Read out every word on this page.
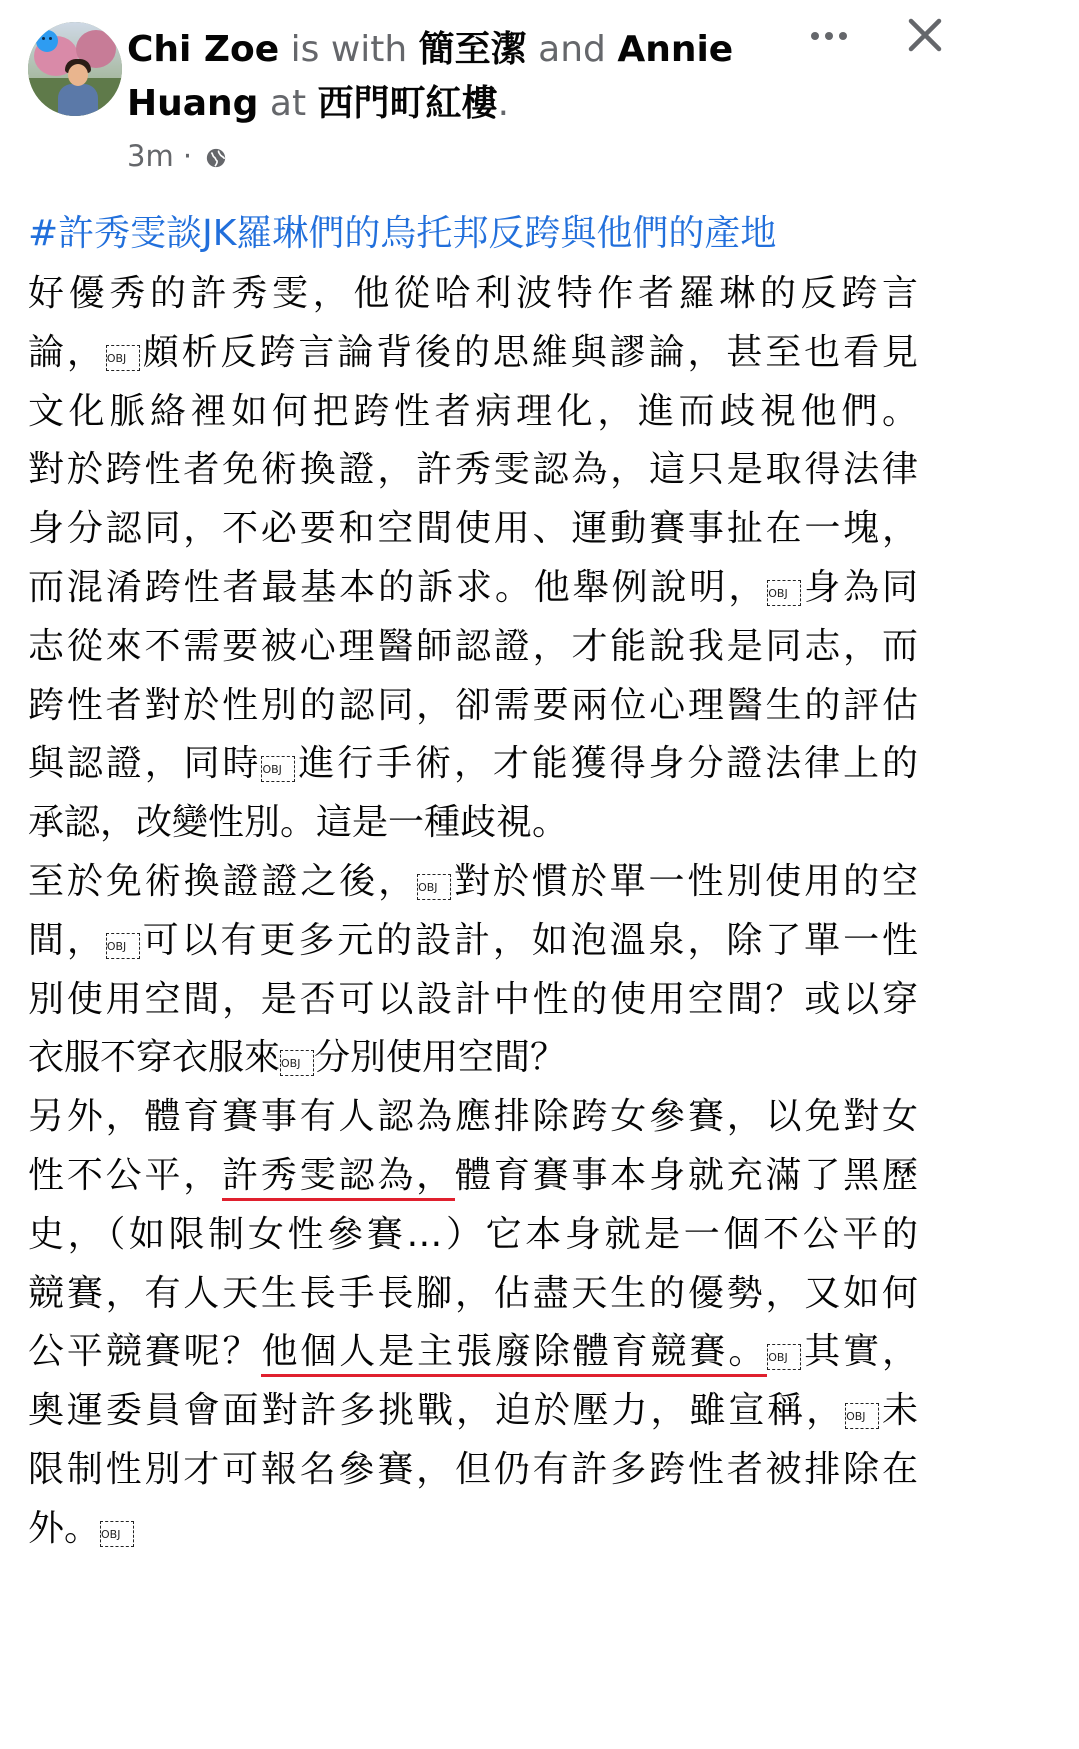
Chi Zoe is with 簡至潔 and Annie
Huang at 西門町紅樓.
3m ·
#許秀雯談JK羅琳們的烏托邦反跨與他們的產地
好優秀的許秀雯，他從哈利波特作者羅琳的反跨言
論，OBJ 頗析反跨言論背後的思維與謬論，甚至也看見
文化脈絡裡如何把跨性者病理化，進而歧視他們。
對於跨性者免術換證，許秀雯認為，這只是取得法律
身分認同，不必要和空間使用、運動賽事扯在一塊，
而混淆跨性者最基本的訴求。他舉例說明，OBJ 身為同
志從來不需要被心理醫師認證，才能說我是同志，而
跨性者對於性別的認同，卻需要兩位心理醫生的評估
與認證，同時OBJ 進行手術，才能獲得身分證法律上的
承認，改變性別。這是一種歧視。
至於免術換證證之後，OBJ 對於慣於單一性別使用的空
間，OBJ 可以有更多元的設計，如泡溫泉，除了單一性
別使用空間，是否可以設計中性的使用空間？或以穿
衣服不穿衣服來OBJ 分別使用空間？
另外，體育賽事有人認為應排除跨女參賽，以免對女
性不公平，許秀雯認為，體育賽事本身就充滿了黑歷
史，（如限制女性參賽…）它本身就是一個不公平的
競賽，有人天生長手長腳，佔盡天生的優勢，又如何
公平競賽呢？他個人是主張廢除體育競賽。OBJ 其實，
奧運委員會面對許多挑戰，迫於壓力，雖宣稱，OBJ 未
限制性別才可報名參賽，但仍有許多跨性者被排除在
外。OBJ
